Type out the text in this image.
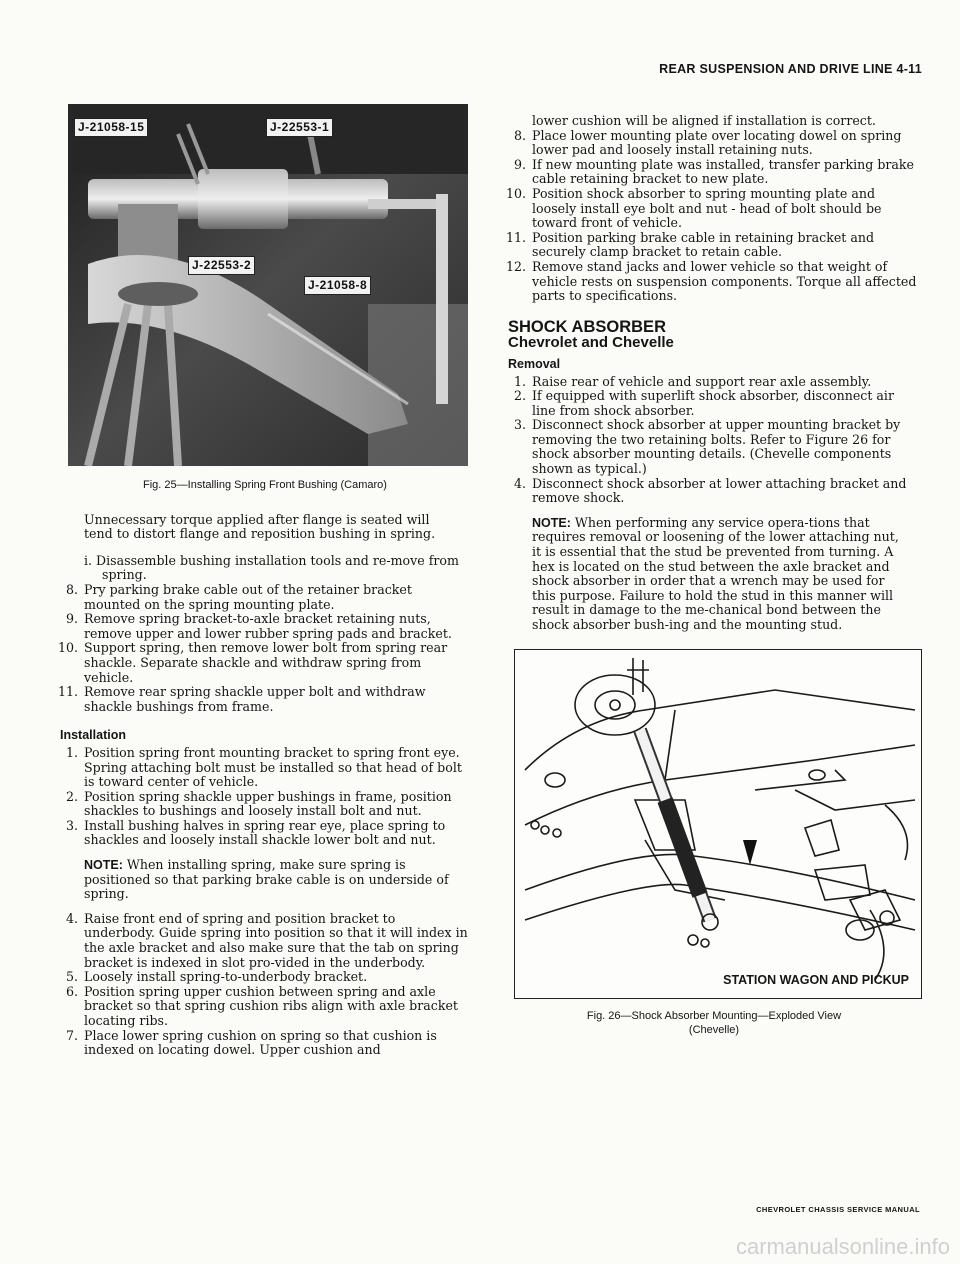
REAR SUSPENSION AND DRIVE LINE 4-11
J-21058-15	J-22553-1
J-22553-2
J-21058-8
Fig. 25—Installing Spring Front Bushing (Camaro)

Unnecessary torque applied after flange is seated will tend to distort flange and reposition bushing in spring.

i. Disassemble bushing installation tools and re-move from spring.

8. Pry parking brake cable out of the retainer bracket mounted on the spring mounting plate.
9. Remove spring bracket-to-axle bracket retaining nuts, remove upper and lower rubber spring pads and bracket.
10. Support spring, then remove lower bolt from spring rear shackle. Separate shackle and withdraw spring from vehicle.
11. Remove rear spring shackle upper bolt and withdraw shackle bushings from frame.
Installation
1. Position spring front mounting bracket to spring front eye. Spring attaching bolt must be installed so that head of bolt is toward center of vehicle.
2. Position spring shackle upper bushings in frame, position shackles to bushings and loosely install bolt and nut.
3. Install bushing halves in spring rear eye, place spring to shackles and loosely install shackle lower bolt and nut.

NOTE: When installing spring, make sure spring is positioned so that parking brake cable is on underside of spring.

4. Raise front end of spring and position bracket to underbody. Guide spring into position so that it will index in the axle bracket and also make sure that the tab on spring bracket is indexed in slot pro-vided in the underbody.
5. Loosely install spring-to-underbody bracket.
6. Position spring upper cushion between spring and axle bracket so that spring cushion ribs align with axle bracket locating ribs.
7. Place lower spring cushion on spring so that cushion is indexed on locating dowel. Upper cushion and

lower cushion will be aligned if installation is correct.

8. Place lower mounting plate over locating dowel on spring lower pad and loosely install retaining nuts.
9. If new mounting plate was installed, transfer parking brake cable retaining bracket to new plate.
10. Position shock absorber to spring mounting plate and loosely install eye bolt and nut - head of bolt should be toward front of vehicle.
11. Position parking brake cable in retaining bracket and securely clamp bracket to retain cable.
12. Remove stand jacks and lower vehicle so that weight of vehicle rests on suspension components. Torque all affected parts to specifications.
SHOCK ABSORBER
Chevrolet and Chevelle
Removal
1. Raise rear of vehicle and support rear axle assembly.
2. If equipped with superlift shock absorber, disconnect air line from shock absorber.
3. Disconnect shock absorber at upper mounting bracket by removing the two retaining bolts. Refer to Figure 26 for shock absorber mounting details. (Chevelle components shown as typical.)
4. Disconnect shock absorber at lower attaching bracket and remove shock.

NOTE: When performing any service opera-tions that requires removal or loosening of the lower attaching nut, it is essential that the stud be prevented from turning. A hex is located on the stud between the axle bracket and shock absorber in order that a wrench may be used for this purpose. Failure to hold the stud in this manner will result in damage to the me-chanical bond between the shock absorber bush-ing and the mounting stud.

STATION WAGON AND PICKUP
Fig. 26—Shock Absorber Mounting—Exploded View
(Chevelle)
CHEVROLET CHASSIS SERVICE MANUAL
carmanualsonline.info
